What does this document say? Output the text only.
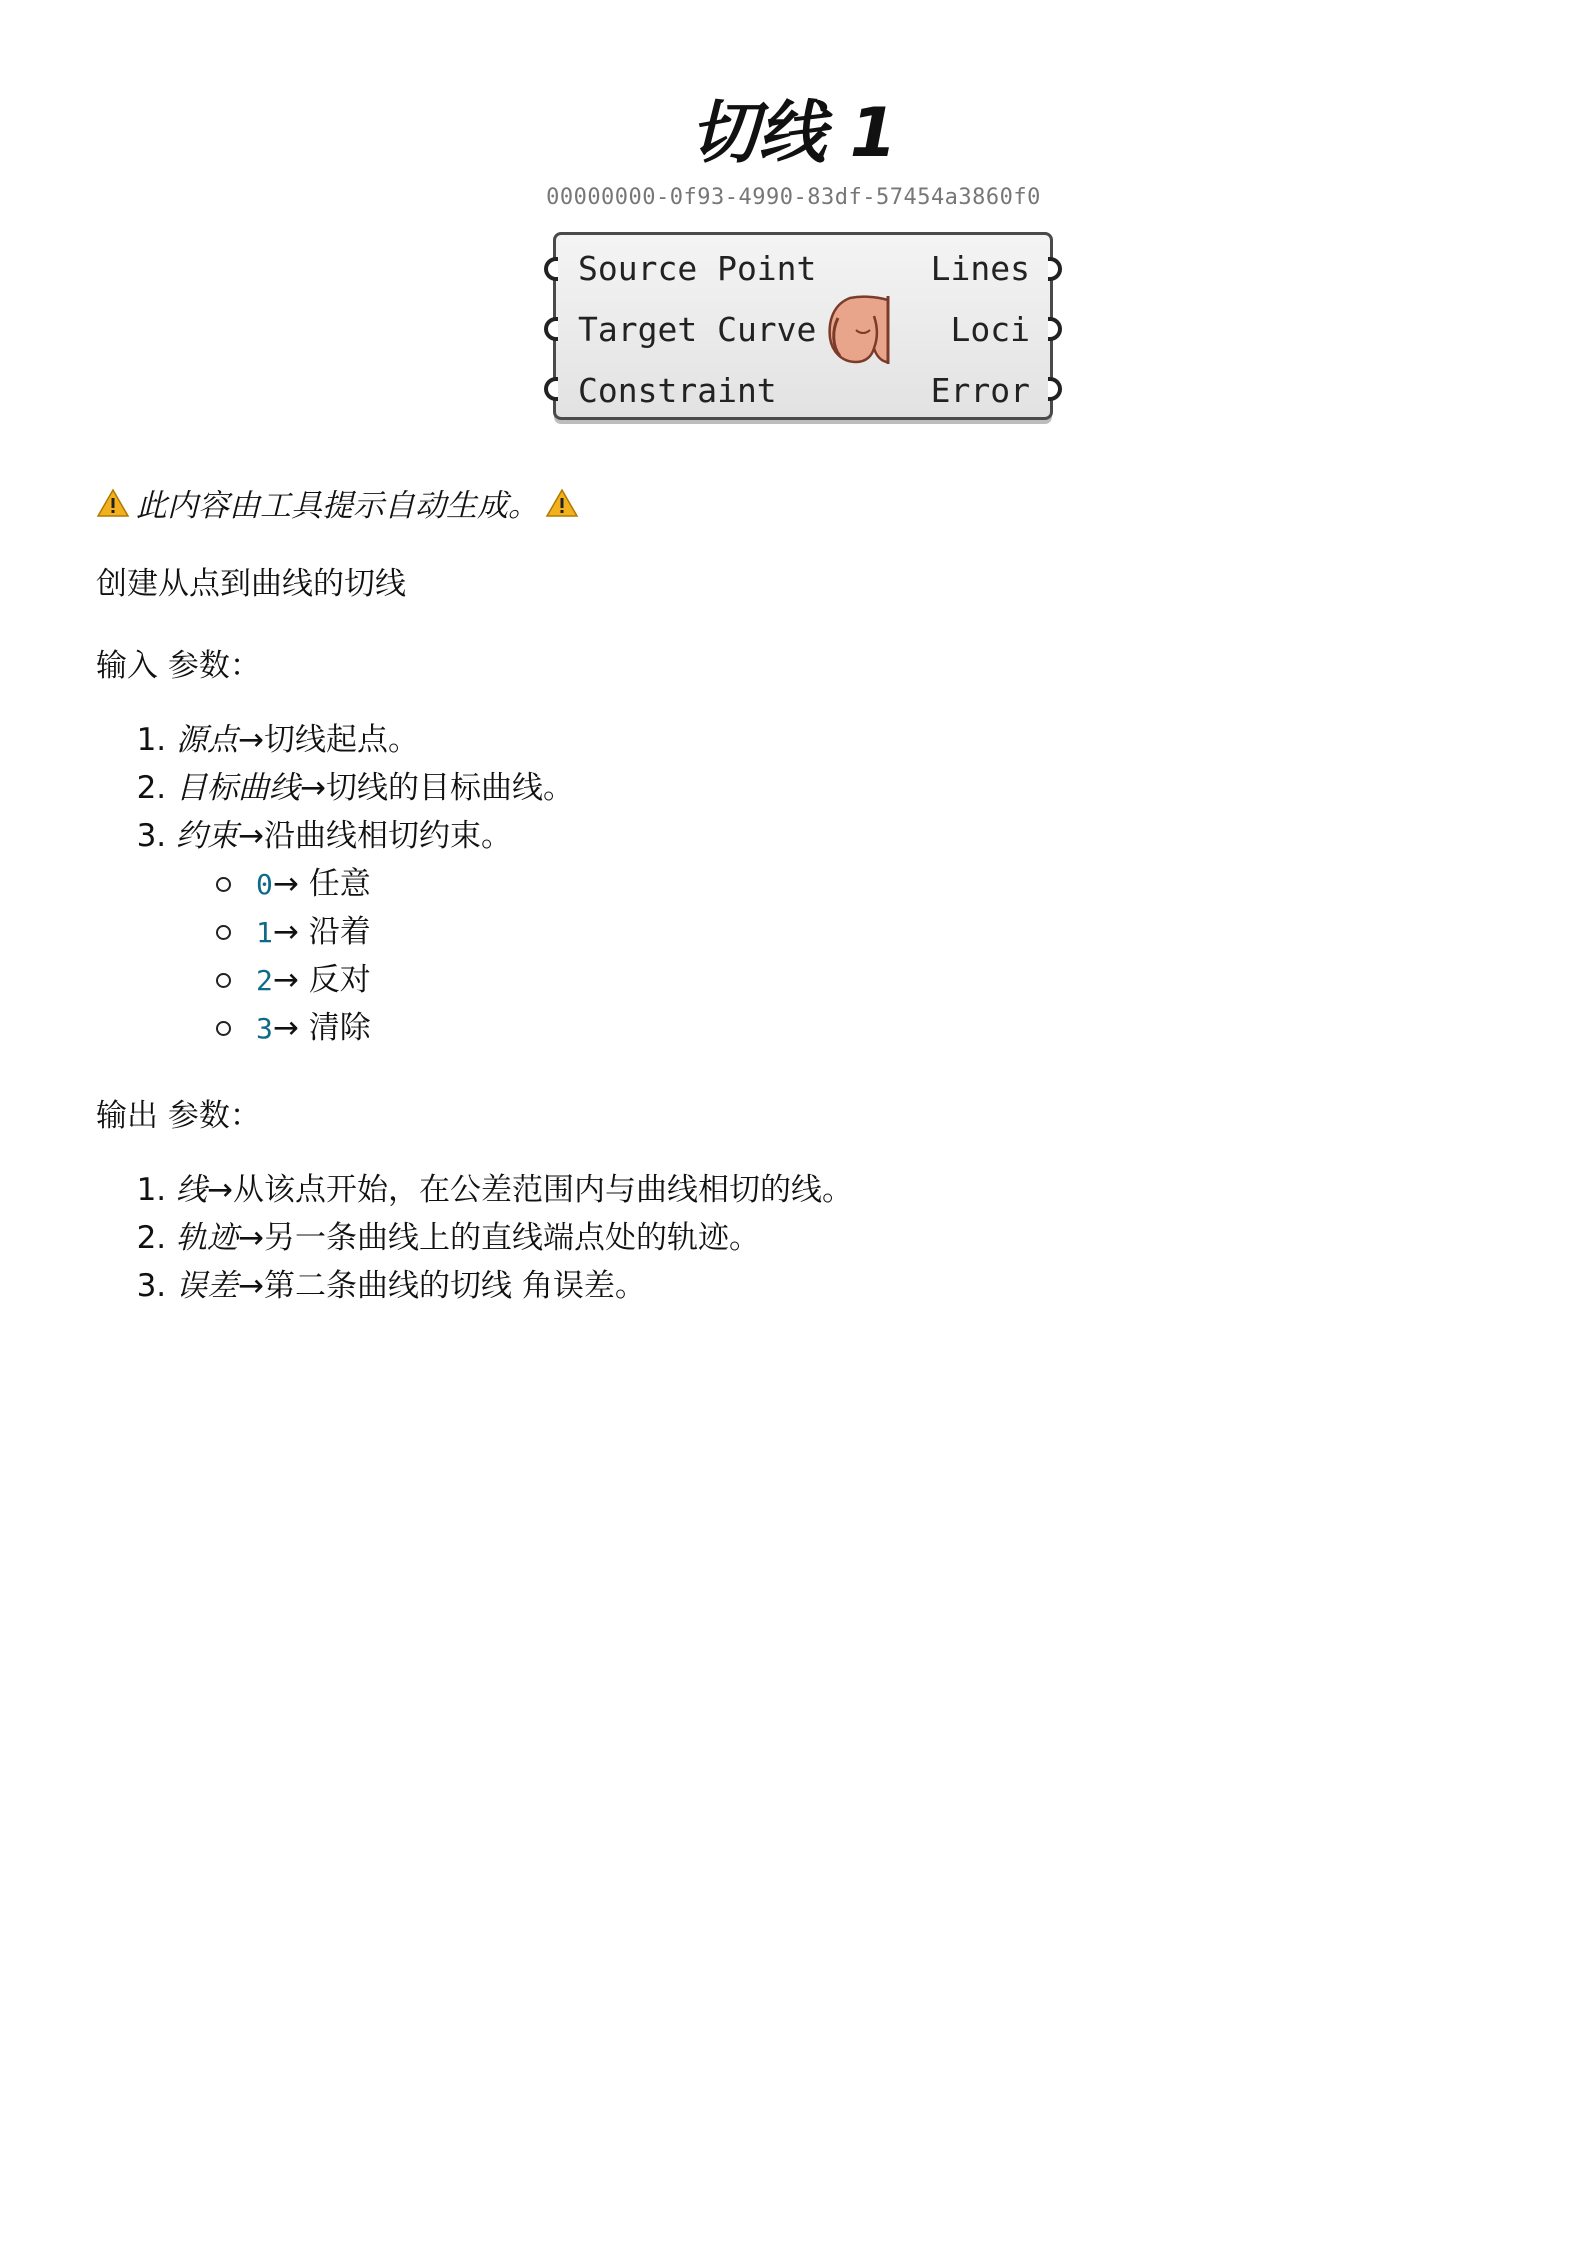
切线 1
00000000-0f93-4990-83df-57454a3860f0
Source Point
Target Curve
Constraint
Lines
Loci
Error
此内容由工具提示自动生成。
创建从点到曲线的切线
输入 参数：
1. 源点→切线起点。
2. 目标曲线→切线的目标曲线。
3. 约束→沿曲线相切约束。
0→ 任意
1→ 沿着
2→ 反对
3→ 清除
输出 参数：
1. 线→从该点开始，在公差范围内与曲线相切的线。
2. 轨迹→另一条曲线上的直线端点处的轨迹。
3. 误差→第二条曲线的切线 角误差。
